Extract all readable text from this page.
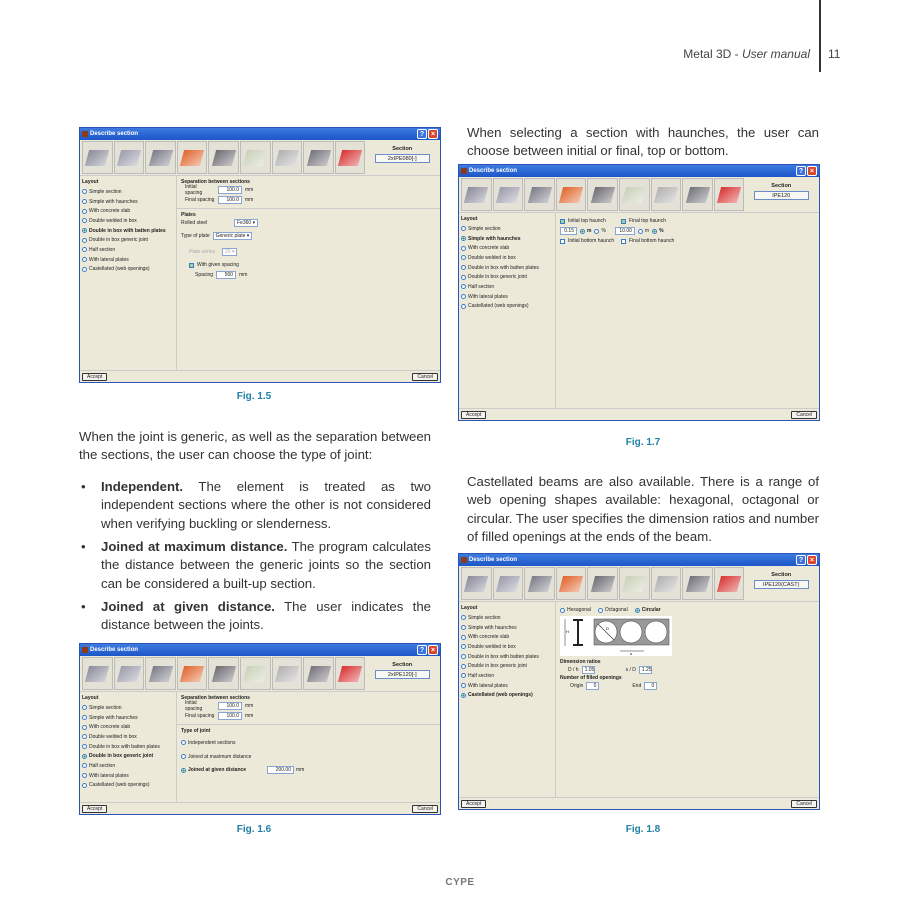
Metal 3D - User manual 11
Describe section	? ×
Section
2xIPE080[-]
Layout
Simple section
Simple with haunches
With concrete slab
Double welded in box
Double in box with batten plates
Double in box generic joint
Half section
With lateral plates
Castellated (web openings)
Separation between sections
Initial spacing	100.0	mm
Final spacing	100.0	mm
Plates
Rolled steel	Fe360 ▾
Type of plate	Generic plate ▾
Plate series	20 ▾
With given spacing
Spacing	500	mm
Accept	Cancel
Fig. 1.5
When the joint is generic, as well as the separation between the sections, the user can choose the type of joint:
• Independent. The element is treated as two independent sections where the other is not considered when verifying buckling or slenderness.
• Joined at maximum distance. The program calculates the distance between the generic joints so the section can be considered a built-up section.
• Joined at given distance. The user indicates the distance between the joints.
Describe section	? ×
Section
2xIPE120[-]
Layout
Simple section
Simple with haunches
With concrete slab
Double welded in box
Double in box with batten plates
Double in box generic joint
Half section
With lateral plates
Castellated (web openings)
Separation between sections
Initial spacing	100.0	mm
Final spacing	100.0	mm
Type of joint
Independent sections
Joined at maximum distance
Joined at given distance	200.00	mm
Accept	Cancel
Fig. 1.6
When selecting a section with haunches, the user can choose between initial or final, top or bottom.
Describe section	? ×
Section
IPE120
Layout
Simple section
Simple with haunches
With concrete slab
Double welded in box
Double in box with batten plates
Double in box generic joint
Half section
With lateral plates
Castellated (web openings)
Initial top haunch	Final top haunch
0.15	m %	10.00	m %
Initial bottom haunch	Final bottom haunch
Accept	Cancel
Fig. 1.7
Castellated beams are also available. There is a range of web opening shapes available: hexagonal, octagonal or circular. The user specifies the dimension ratios and number of filled openings at the ends of the beam.
Describe section	? ×
Section
IPE120(CAST)
Layout
Simple section
Simple with haunches
With concrete slab
Double welded in box
Double in box with batten plates
Double in box generic joint
Half section
With lateral plates
Castellated (web openings)
Hexagonal	Octagonal	Circular
H
D
s
Dimension ratios
D / h	1.05	s / D	1.25
Number of filled openings
Origin	0	End	0
Accept	Cancel
Fig. 1.8
CYPE
